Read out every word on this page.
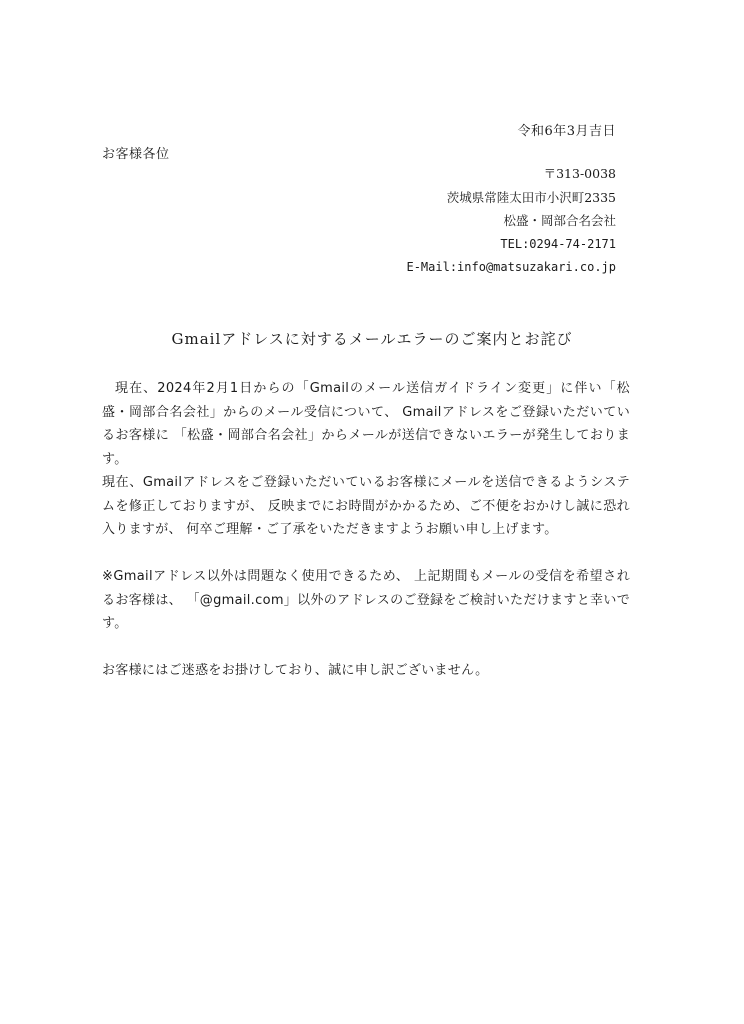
令和6年3月吉日
お客様各位
〒313-0038
茨城県常陸太田市小沢町2335
松盛・岡部合名会社
TEL:0294-74-2171
E-Mail:info@matsuzakari.co.jp
Gmailアドレスに対するメールエラーのご案内とお詫び

現在、2024年2月1日からの「Gmailのメール送信ガイドライン変更」に伴い「松盛・岡部合名会社」からのメール受信について、 Gmailアドレスをご登録いただいているお客様に 「松盛・岡部合名会社」からメールが送信できないエラーが発生しております。

現在、Gmailアドレスをご登録いただいているお客様にメールを送信できるようシステムを修正しておりますが、 反映までにお時間がかかるため、ご不便をおかけし誠に恐れ入りますが、 何卒ご理解・ご了承をいただきますようお願い申し上げます。

※Gmailアドレス以外は問題なく使用できるため、 上記期間もメールの受信を希望されるお客様は、 「@gmail.com」以外のアドレスのご登録をご検討いただけますと幸いです。

お客様にはご迷惑をお掛けしており、誠に申し訳ございません。
